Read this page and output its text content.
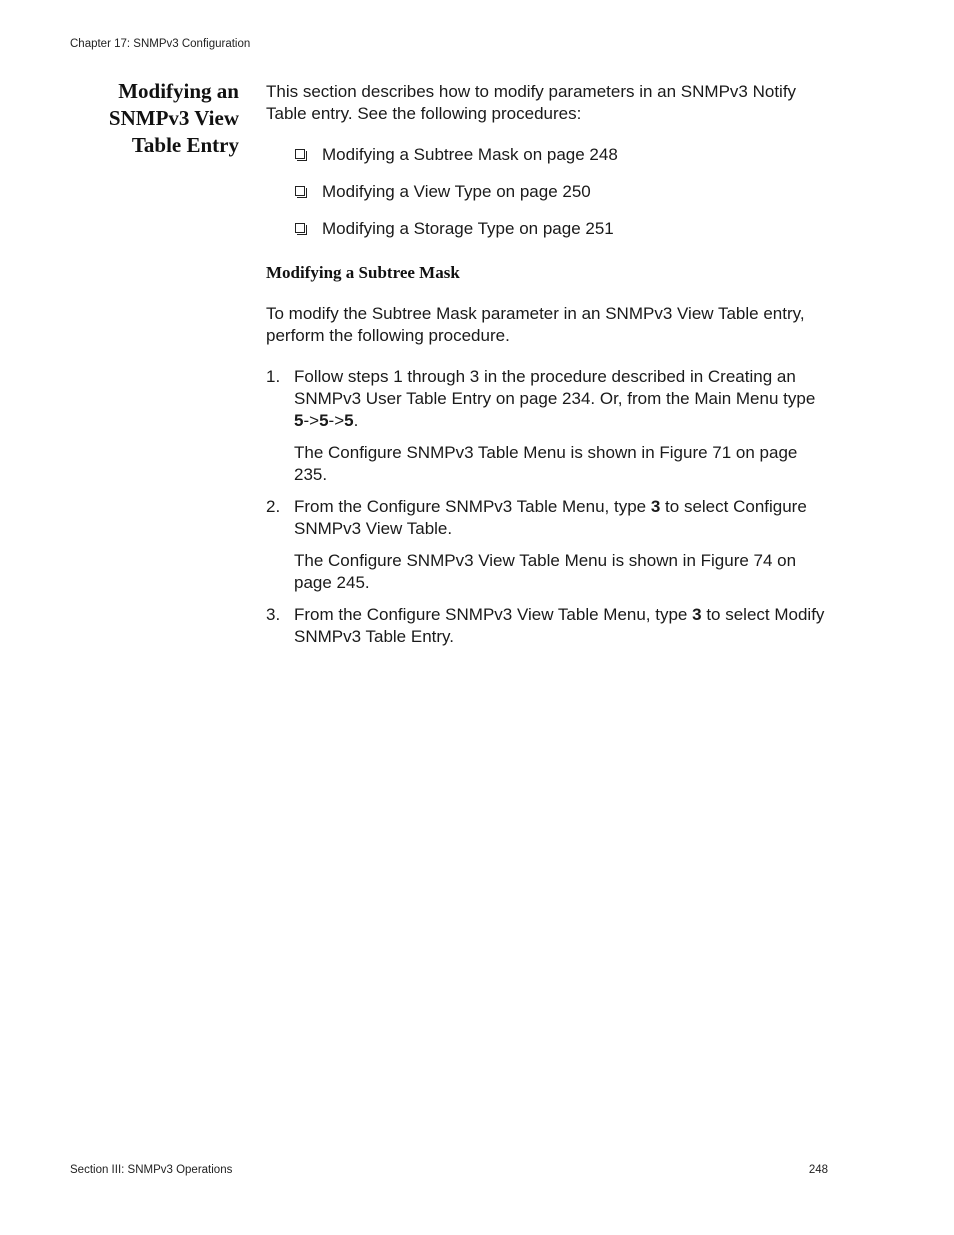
Chapter 17: SNMPv3 Configuration
Modifying an
SNMPv3 View
Table Entry

This section describes how to modify parameters in an SNMPv3 Notify Table entry. See the following procedures:

Modifying a Subtree Mask on page 248
Modifying a View Type on page 250
Modifying a Storage Type on page 251

Modifying a Subtree Mask

To modify the Subtree Mask parameter in an SNMPv3 View Table entry, perform the following procedure.

1. Follow steps 1 through 3 in the procedure described in Creating an SNMPv3 User Table Entry on page 234. Or, from the Main Menu type 5->5->5.

The Configure SNMPv3 Table Menu is shown in Figure 71 on page 235.

2. From the Configure SNMPv3 Table Menu, type 3 to select Configure SNMPv3 View Table.

The Configure SNMPv3 View Table Menu is shown in Figure 74 on page 245.

3. From the Configure SNMPv3 View Table Menu, type 3 to select Modify SNMPv3 Table Entry.

Section III: SNMPv3 Operations	248
